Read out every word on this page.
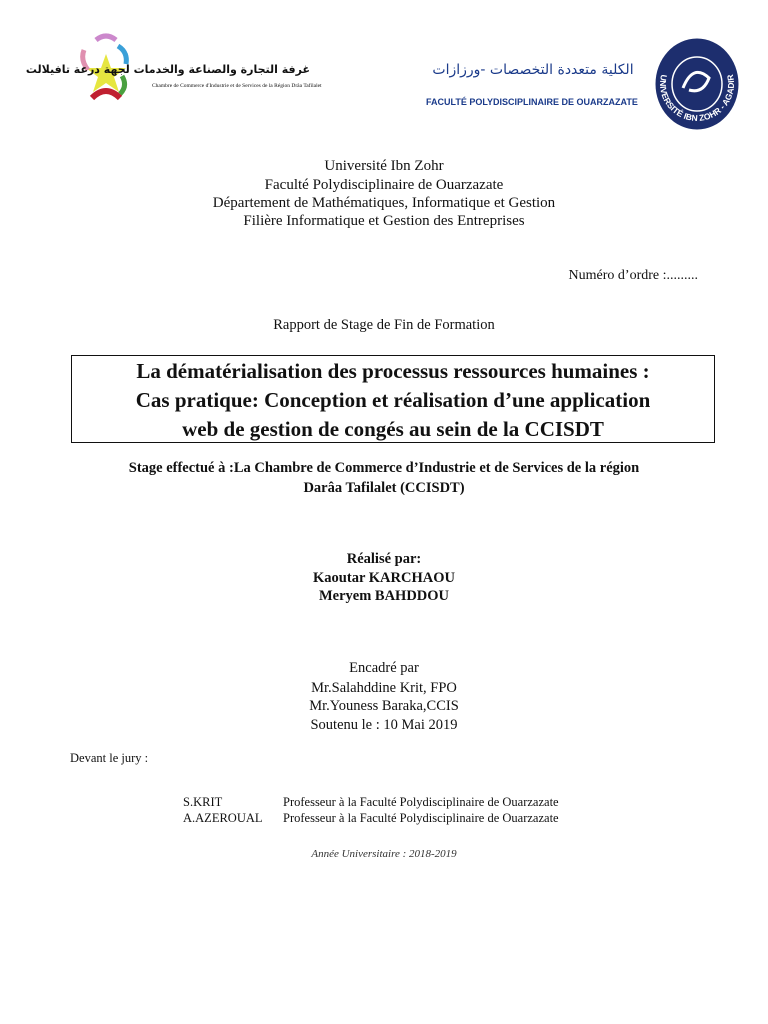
غرفة التجارة والصناعة والخدمات لجهة درعة تافيلالت
Chambre de Commerce d'Industrie et de Services de la Région Drâa Tafilalet
الكلية متعددة التخصصات -ورزازات
FACULTÉ POLYDISCIPLINAIRE DE OUARZAZATE
UNIVERSITÉ IBN ZOHR - AGADIR
Université Ibn Zohr
Faculté Polydisciplinaire de Ouarzazate
Département de Mathématiques, Informatique et Gestion
Filière Informatique et Gestion des Entreprises
Numéro d’ordre :.........
Rapport de Stage de Fin de Formation
La dématérialisation des processus ressources humaines :
Cas pratique: Conception et réalisation d’une application
web de gestion de congés au sein de la CCISDT
Stage effectué à :La Chambre de Commerce d’Industrie et de Services de la région
Darâa Tafilalet (CCISDT)
Réalisé par:
Kaoutar KARCHAOU
Meryem BAHDDOU
Encadré par
Mr.Salahddine Krit, FPO
Mr.Youness Baraka,CCIS
Soutenu le : 10 Mai 2019
Devant le jury :
S.KRIT	Professeur à la Faculté Polydisciplinaire de Ouarzazate
A.AZEROUAL Professeur à la Faculté Polydisciplinaire de Ouarzazate
Année Universitaire : 2018-2019
